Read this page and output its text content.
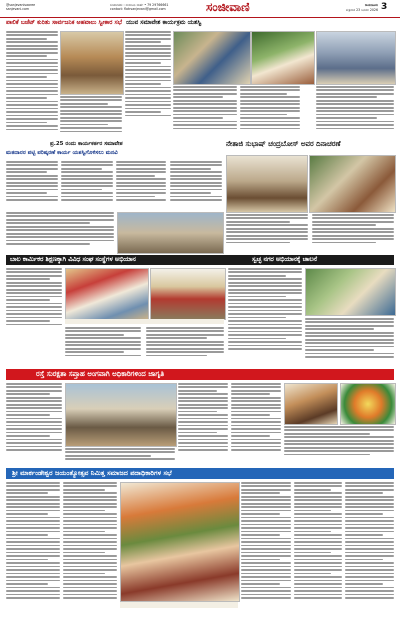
@sanjevanisaaree
sanjevani.com
ಸಂಪಾದಕರು : ಸಂಜೀವಿನಿ ವಾರ್ತೆ • 79 29766661
contact: flatrsanjevani@gmail.com	ಸಂಜೀವಾಣಿ	ರಾಯಚೂರು
ಶುಕ್ರವಾರ 23 ಜನವರಿ 2026 3
ಪಾಲಿಕೆ ಬಜೆಟ್ ಕುರಿತು ಸಾರ್ವಜನಿಕ ಅಹವಾಲು ಸ್ವೀಕಾರ ಸಭೆ ಯುವ ಸಮಾವೇಶ ಕಾರ್ಯಕ್ರಮ ಯಶಸ್ವಿ
ಪ್ರ.25 ರಂದು ಕಾರ್ಯಕರ್ತರ ಸಮಾವೇಶ
ಮತದಾರರ ಪಟ್ಟಿ ಪರಿಷ್ಕರಣೆ ಕಾರ್ಯ ಯಶಸ್ವಿಗೊಳಿಸಲು ಮನವಿ
ನೇತಾಜಿ ಸುಭಾಷ್ ಚಂದ್ರಬೋಸ್ ಅವರ ದಿನಾಚರಣೆ
ಬಾಲ ಕಾರ್ಮಿಕರ ಶಿಕ್ಷಣಕ್ಕಾಗಿ ವಿವಿಧ ಸಂಘ ಸಂಸ್ಥೆಗಳ ಅಭಿಯಾನ	ಸ್ವಚ್ಛ ನಗರ ಅಭಿಯಾನಕ್ಕೆ ಚಾಲನೆ
ರಸ್ತೆ ಸುರಕ್ಷತಾ ಸಪ್ತಾಹ ಅಂಗವಾಗಿ ಅಧಿಕಾರಿಗಳಿಂದ ಜಾಗೃತಿ
ಶ್ರೀ ಮಾರ್ಕಂಡೇಶ್ವರ ಜಯಂತ್ಯೋತ್ಸವ ನಿಮಿತ್ತ ಸಮಾಜದ ಪದಾಧಿಕಾರಿಗಳ ಸಭೆ
